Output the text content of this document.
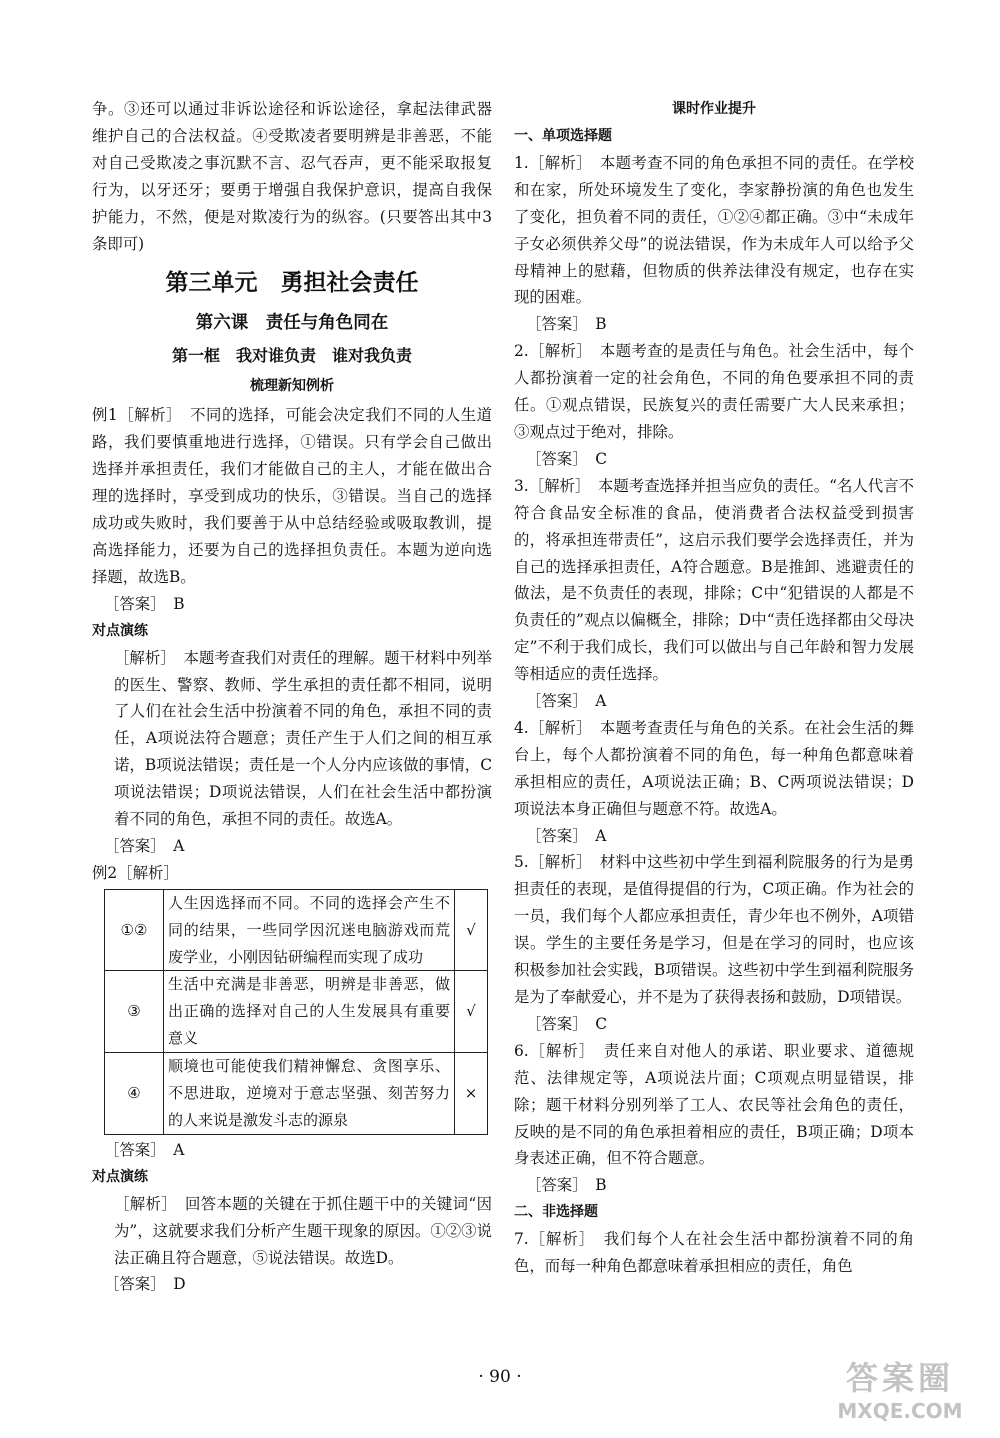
争。③还可以通过非诉讼途径和诉讼途径，拿起法律武器维护自己的合法权益。④受欺凌者要明辨是非善恶，不能对自己受欺凌之事沉默不言、忍气吞声，更不能采取报复行为，以牙还牙；要勇于增强自我保护意识，提高自我保护能力，不然，便是对欺凌行为的纵容。(只要答出其中3条即可)

第三单元　勇担社会责任
第六课　责任与角色同在
第一框　我对谁负责　谁对我负责
梳理新知例析

例1［解析］　不同的选择，可能会决定我们不同的人生道路，我们要慎重地进行选择，①错误。只有学会自己做出选择并承担责任，我们才能做自己的主人，才能在做出合理的选择时，享受到成功的快乐，③错误。当自己的选择成功或失败时，我们要善于从中总结经验或吸取教训，提高选择能力，还要为自己的选择担负责任。本题为逆向选择题，故选B。

［答案］　B

对点演练

［解析］　本题考查我们对责任的理解。题干材料中列举的医生、警察、教师、学生承担的责任都不相同，说明了人们在社会生活中扮演着不同的角色，承担不同的责任，A项说法符合题意；责任产生于人们之间的相互承诺，B项说法错误；责任是一个人分内应该做的事情，C项说法错误；D项说法错误，人们在社会生活中都扮演着不同的角色，承担不同的责任。故选A。

［答案］　A

例2［解析］
①②	人生因选择而不同。不同的选择会产生不同的结果，一些同学因沉迷电脑游戏而荒废学业，小刚因钻研编程而实现了成功	√
③	生活中充满是非善恶，明辨是非善恶，做出正确的选择对自己的人生发展具有重要意义	√
④	顺境也可能使我们精神懈怠、贪图享乐、不思进取，逆境对于意志坚强、刻苦努力的人来说是激发斗志的源泉	×

［答案］　A

对点演练

［解析］　回答本题的关键在于抓住题干中的关键词“因为”，这就要求我们分析产生题干现象的原因。①②③说法正确且符合题意，⑤说法错误。故选D。

［答案］　D

课时作业提升
一、单项选择题

1.［解析］　本题考查不同的角色承担不同的责任。在学校和在家，所处环境发生了变化，李家静扮演的角色也发生了变化，担负着不同的责任，①②④都正确。③中“未成年子女必须供养父母”的说法错误，作为未成年人可以给予父母精神上的慰藉，但物质的供养法律没有规定，也存在实现的困难。

［答案］　B

2.［解析］　本题考查的是责任与角色。社会生活中，每个人都扮演着一定的社会角色，不同的角色要承担不同的责任。①观点错误，民族复兴的责任需要广大人民来承担；③观点过于绝对，排除。

［答案］　C

3.［解析］　本题考查选择并担当应负的责任。“名人代言不符合食品安全标准的食品，使消费者合法权益受到损害的，将承担连带责任”，这启示我们要学会选择责任，并为自己的选择承担责任，A符合题意。B是推卸、逃避责任的做法，是不负责任的表现，排除；C中“犯错误的人都是不负责任的”观点以偏概全，排除；D中“责任选择都由父母决定”不利于我们成长，我们可以做出与自己年龄和智力发展等相适应的责任选择。

［答案］　A

4.［解析］　本题考查责任与角色的关系。在社会生活的舞台上，每个人都扮演着不同的角色，每一种角色都意味着承担相应的责任，A项说法正确；B、C两项说法错误；D项说法本身正确但与题意不符。故选A。

［答案］　A

5.［解析］　材料中这些初中学生到福利院服务的行为是勇担责任的表现，是值得提倡的行为，C项正确。作为社会的一员，我们每个人都应承担责任，青少年也不例外，A项错误。学生的主要任务是学习，但是在学习的同时，也应该积极参加社会实践，B项错误。这些初中学生到福利院服务是为了奉献爱心，并不是为了获得表扬和鼓励，D项错误。

［答案］　C

6.［解析］　责任来自对他人的承诺、职业要求、道德规范、法律规定等，A项说法片面；C项观点明显错误，排除；题干材料分别列举了工人、农民等社会角色的责任，反映的是不同的角色承担着相应的责任，B项正确；D项本身表述正确，但不符合题意。

［答案］　B

二、非选择题

7.［解析］　我们每个人在社会生活中都扮演着不同的角色，而每一种角色都意味着承担相应的责任，角色

· 90 ·	答案圈
MXQE.COM
